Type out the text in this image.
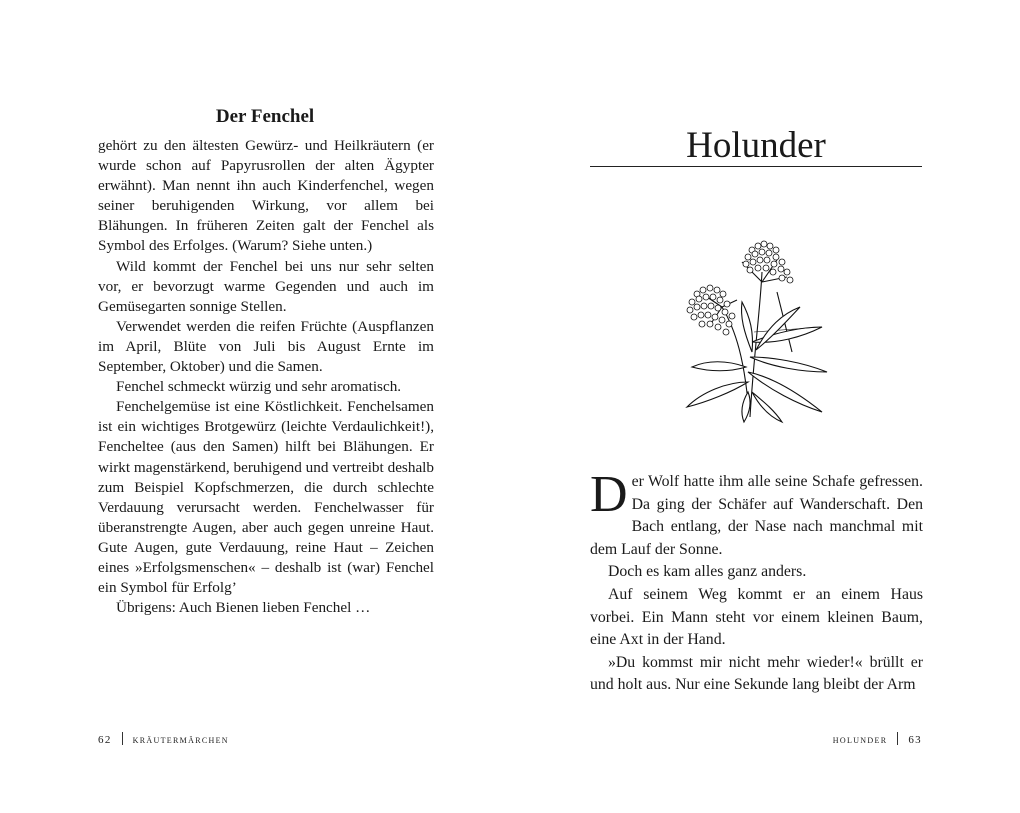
Der Fenchel

gehört zu den ältesten Gewürz- und Heilkräutern (er wurde schon auf Papyrusrollen der alten Ägypter erwähnt). Man nennt ihn auch Kinderfenchel, wegen seiner beruhigenden Wirkung, vor allem bei Blähungen. In früheren Zeiten galt der Fenchel als Symbol des Erfolges. (Warum? Siehe unten.)

Wild kommt der Fenchel bei uns nur sehr selten vor, er bevorzugt warme Gegenden und auch im Gemüsegarten sonnige Stellen.

Verwendet werden die reifen Früchte (Auspflanzen im April, Blüte von Juli bis August Ernte im September, Oktober) und die Samen.

Fenchel schmeckt würzig und sehr aromatisch.

Fenchelgemüse ist eine Köstlichkeit. Fenchelsamen ist ein wichtiges Brotgewürz (leichte Verdaulichkeit!), Fencheltee (aus den Samen) hilft bei Blähungen. Er wirkt magenstärkend, beruhigend und vertreibt deshalb zum Beispiel Kopfschmerzen, die durch schlechte Verdauung verursacht werden. Fenchelwasser für überanstrengte Augen, aber auch gegen unreine Haut. Gute Augen, gute Verdauung, reine Haut – Zeichen eines »Erfolgsmenschen« – deshalb ist (war) Fenchel ein Symbol für Erfolg’

Übrigens: Auch Bienen lieben Fenchel …

62 kräutermärchen
Holunder

Der Wolf hatte ihm alle seine Schafe gefressen. Da ging der Schäfer auf Wanderschaft. Den Bach entlang, der Nase nach manchmal mit dem Lauf der Sonne.

Doch es kam alles ganz anders.

Auf seinem Weg kommt er an einem Haus vorbei. Ein Mann steht vor einem kleinen Baum, eine Axt in der Hand.

»Du kommst mir nicht mehr wieder!« brüllt er und holt aus. Nur eine Sekunde lang bleibt der Arm

holunder 63
